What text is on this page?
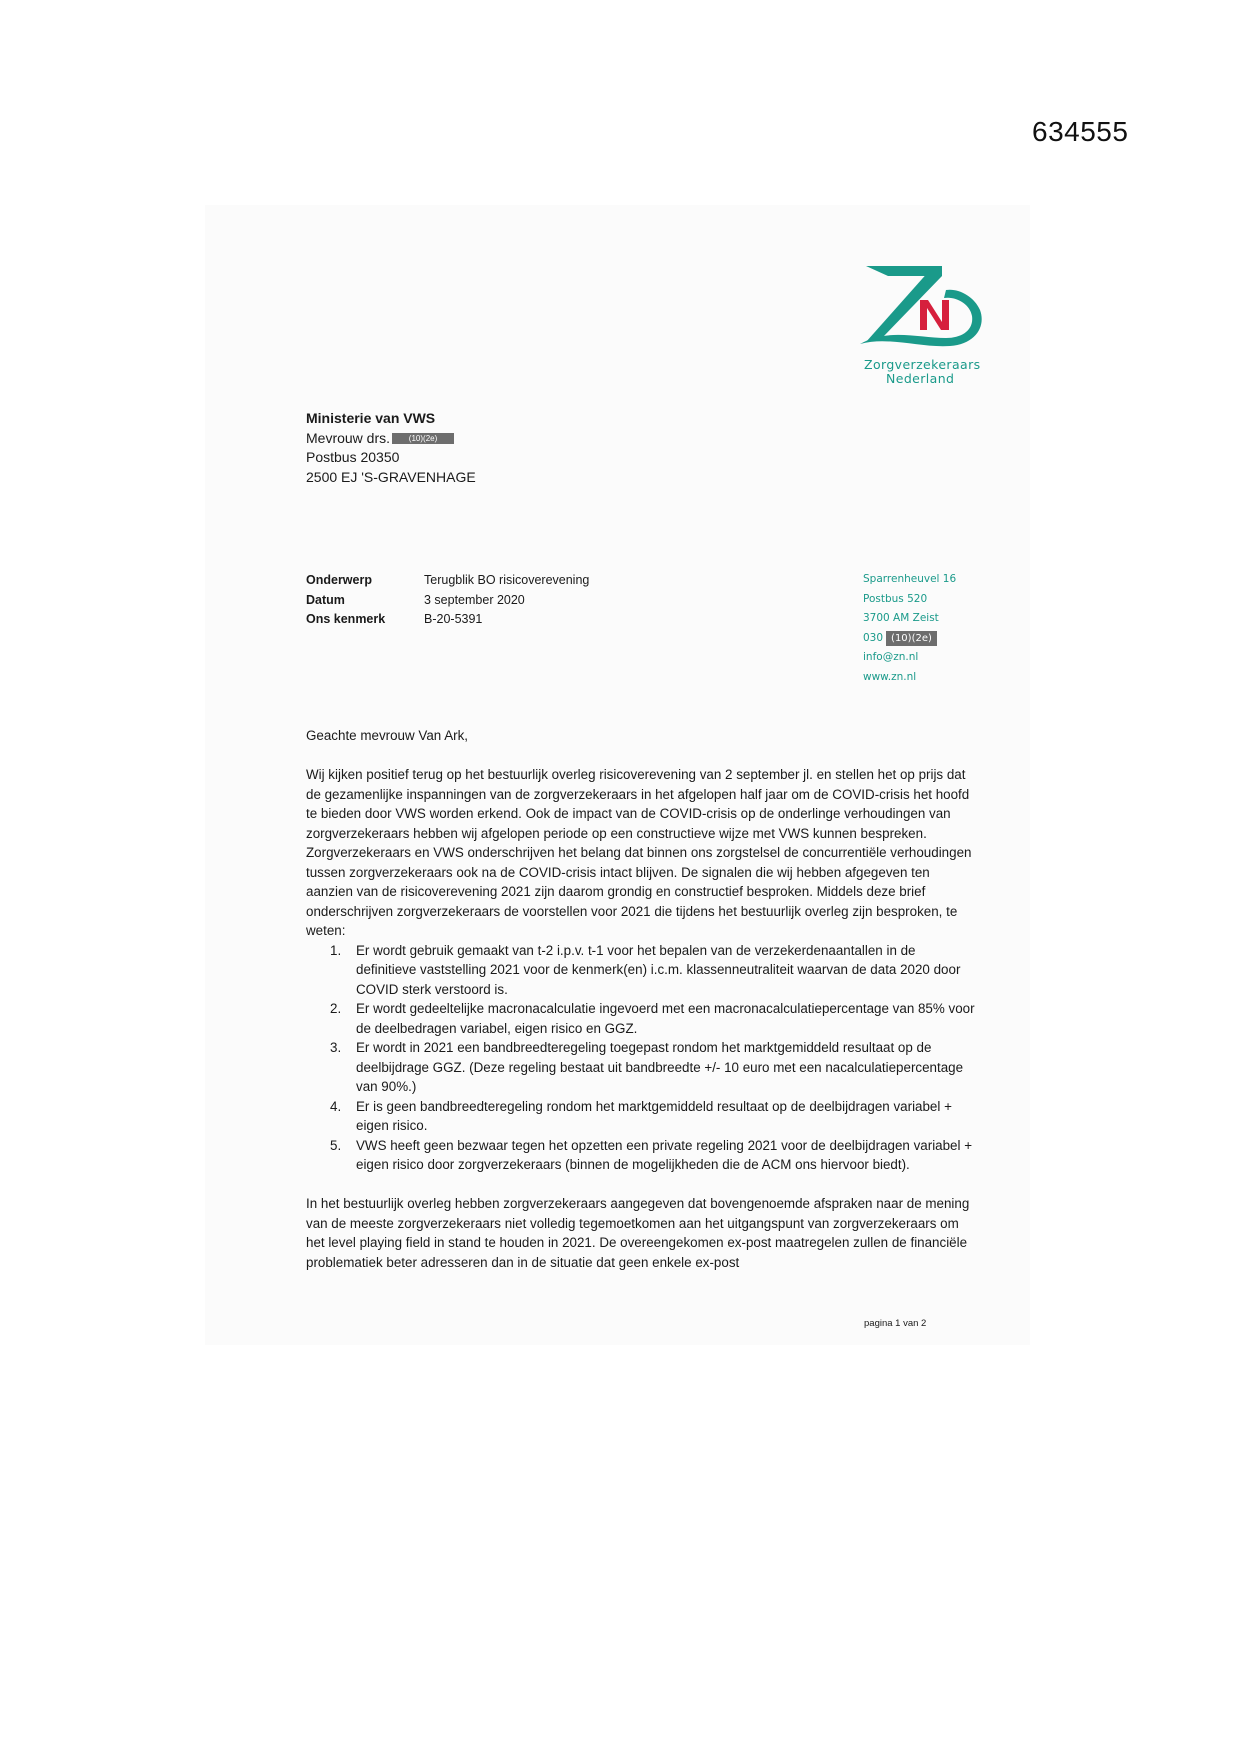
634555
Zorgverzekeraars
Nederland
Ministerie van VWS
Mevrouw drs. (10)(2e)
Postbus 20350
2500 EJ 'S-GRAVENHAGE
Onderwerp	Terugblik BO risicoverevening
Datum	3 september 2020
Ons kenmerk	B-20-5391
Sparrenheuvel 16
Postbus 520
3700 AM Zeist
030 (10)(2e)
info@zn.nl
www.zn.nl

Geachte mevrouw Van Ark,

Wij kijken positief terug op het bestuurlijk overleg risicoverevening van 2 september jl. en stellen het op prijs dat de gezamenlijke inspanningen van de zorgverzekeraars in het afgelopen half jaar om de COVID-crisis het hoofd te bieden door VWS worden erkend. Ook de impact van de COVID-crisis op de onderlinge verhoudingen van zorgverzekeraars hebben wij afgelopen periode op een constructieve wijze met VWS kunnen bespreken. Zorgverzekeraars en VWS onderschrijven het belang dat binnen ons zorgstelsel de concurrentiële verhoudingen tussen zorgverzekeraars ook na de COVID-crisis intact blijven. De signalen die wij hebben afgegeven ten aanzien van de risicoverevening 2021 zijn daarom grondig en constructief besproken. Middels deze brief onderschrijven zorgverzekeraars de voorstellen voor 2021 die tijdens het bestuurlijk overleg zijn besproken, te weten:

1. Er wordt gebruik gemaakt van t-2 i.p.v. t-1 voor het bepalen van de verzekerdenaantallen in de definitieve vaststelling 2021 voor de kenmerk(en) i.c.m. klassenneutraliteit waarvan de data 2020 door COVID sterk verstoord is.
2. Er wordt gedeeltelijke macronacalculatie ingevoerd met een macronacalculatiepercentage van 85% voor de deelbedragen variabel, eigen risico en GGZ.
3. Er wordt in 2021 een bandbreedteregeling toegepast rondom het marktgemiddeld resultaat op de deelbijdrage GGZ. (Deze regeling bestaat uit bandbreedte +/- 10 euro met een nacalculatiepercentage van 90%.)
4. Er is geen bandbreedteregeling rondom het marktgemiddeld resultaat op de deelbijdragen variabel + eigen risico.
5. VWS heeft geen bezwaar tegen het opzetten een private regeling 2021 voor de deelbijdragen variabel + eigen risico door zorgverzekeraars (binnen de mogelijkheden die de ACM ons hiervoor biedt).

In het bestuurlijk overleg hebben zorgverzekeraars aangegeven dat bovengenoemde afspraken naar de mening van de meeste zorgverzekeraars niet volledig tegemoetkomen aan het uitgangspunt van zorgverzekeraars om het level playing field in stand te houden in 2021. De overeengekomen ex-post maatregelen zullen de financiële problematiek beter adresseren dan in de situatie dat geen enkele ex-post

pagina 1 van 2
